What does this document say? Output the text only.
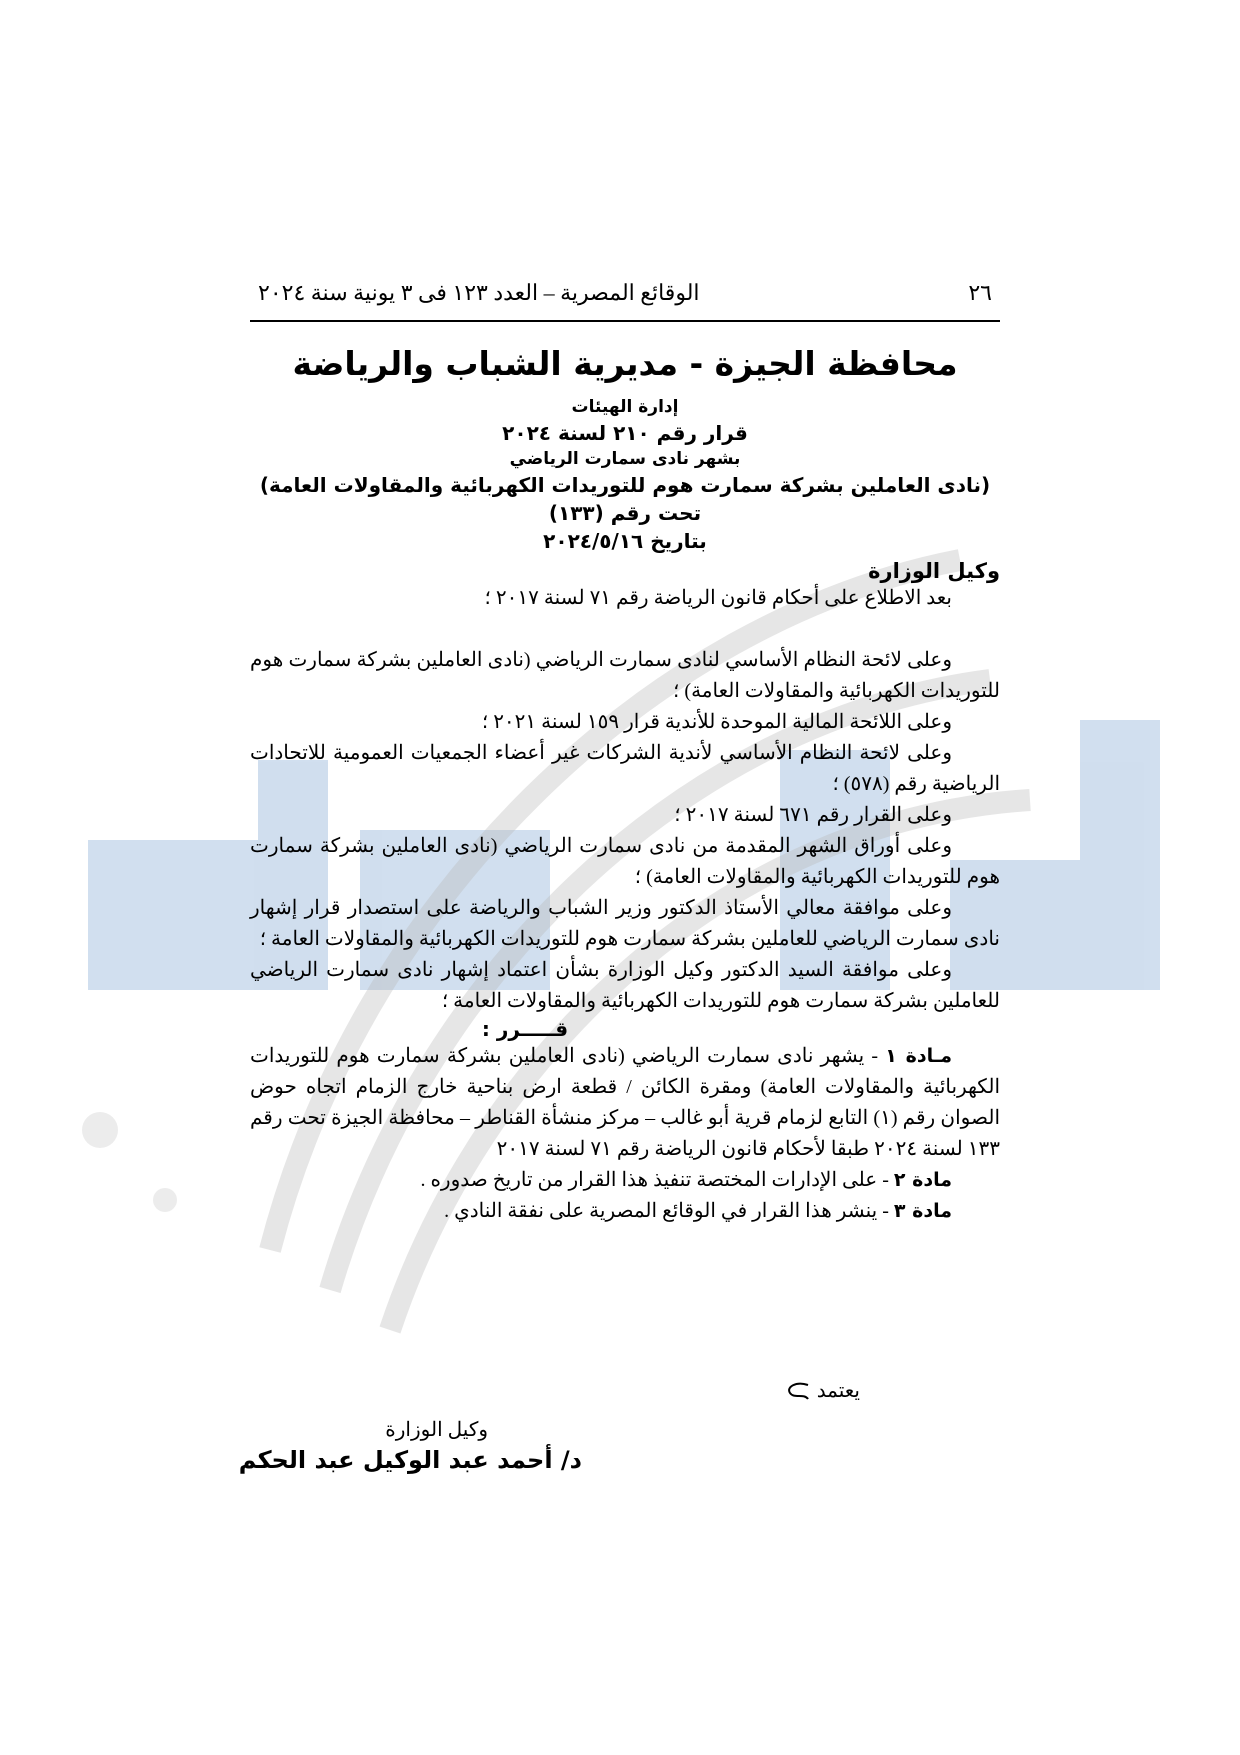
٢٦
الوقائع المصرية – العدد ١٢٣ فى ٣ يونية سنة ٢٠٢٤
محافظة الجيزة - مديرية الشباب والرياضة
إدارة الهيئات
قرار رقم ٢١٠ لسنة ٢٠٢٤
بشهر نادى سمارت الرياضي
(نادى العاملين بشركة سمارت هوم للتوريدات الكهربائية والمقاولات العامة)
تحت رقم (١٣٣)
بتاريخ ٢٠٢٤/٥/١٦
وكيل الوزارة
بعد الاطلاع على أحكام قانون الرياضة رقم ٧١ لسنة ٢٠١٧ ؛
وعلى لائحة النظام الأساسي لنادى سمارت الرياضي (نادى العاملين بشركة سمارت هوم للتوريدات الكهربائية والمقاولات العامة) ؛
وعلى اللائحة المالية الموحدة للأندية قرار ١٥٩ لسنة ٢٠٢١ ؛
وعلى لائحة النظام الأساسي لأندية الشركات غير أعضاء الجمعيات العمومية للاتحادات الرياضية رقم (٥٧٨) ؛
وعلى القرار رقم ٦٧١ لسنة ٢٠١٧ ؛
وعلى أوراق الشهر المقدمة من نادى سمارت الرياضي (نادى العاملين بشركة سمارت هوم للتوريدات الكهربائية والمقاولات العامة) ؛
وعلى موافقة معالي الأستاذ الدكتور وزير الشباب والرياضة على استصدار قرار إشهار نادى سمارت الرياضي للعاملين بشركة سمارت هوم للتوريدات الكهربائية والمقاولات العامة ؛
وعلى موافقة السيد الدكتور وكيل الوزارة بشأن اعتماد إشهار نادى سمارت الرياضي للعاملين بشركة سمارت هوم للتوريدات الكهربائية والمقاولات العامة ؛
قـــــرر :
مـادة ١ - يشهر نادى سمارت الرياضي (نادى العاملين بشركة سمارت هوم للتوريدات الكهربائية والمقاولات العامة) ومقرة الكائن / قطعة ارض بناحية خارج الزمام اتجاه حوض الصوان رقم (١) التابع لزمام قرية أبو غالب – مركز منشأة القناطر – محافظة الجيزة تحت رقم ١٣٣ لسنة ٢٠٢٤ طبقا لأحكام قانون الرياضة رقم ٧١ لسنة ٢٠١٧
مادة ٢ - على الإدارات المختصة تنفيذ هذا القرار من تاريخ صدوره .
مادة ٣ - ينشر هذا القرار في الوقائع المصرية على نفقة النادي .
يعتمد
وكيل الوزارة
د/ أحمد عبد الوكيل عبد الحكم
